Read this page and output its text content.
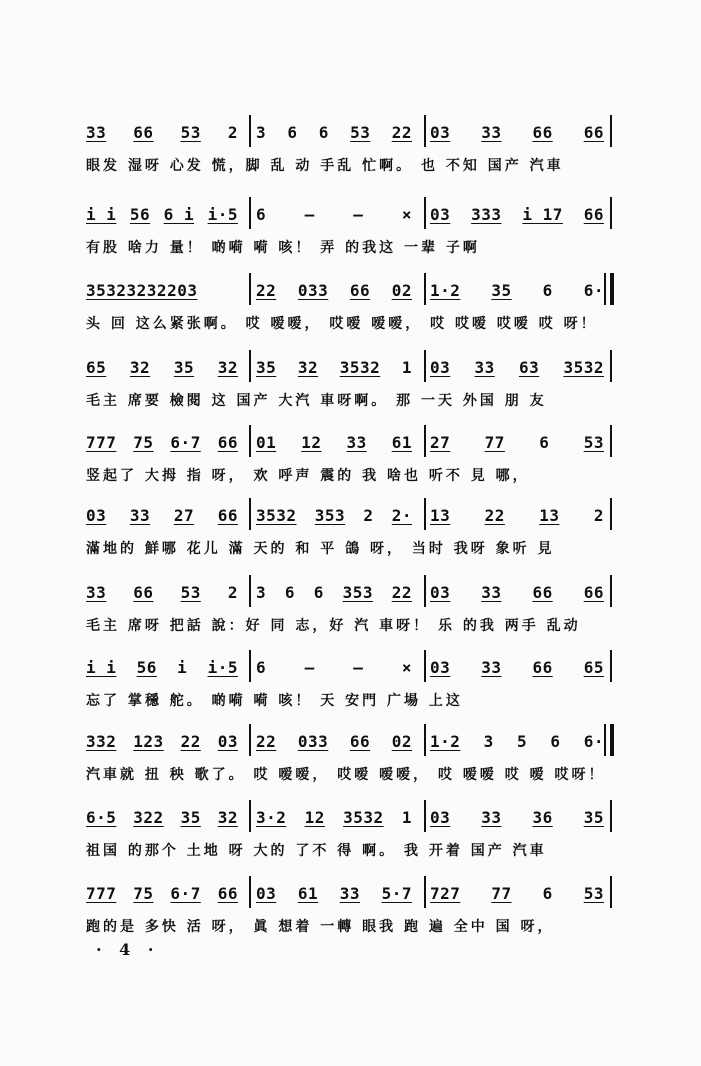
33 66 53 2 3 6 6 53 22 03 33 66 66
眼发 湿呀 心发 慌，脚 乱 动 手乱 忙啊。 也 不知 国产 汽車
i i 56 6 i i·5 6 — — × 03 333 i 17 66
有股 啥力 量！ 啲嗬 嗬 咳！ 弄 的我这 一辈 子啊
35323232203	22 033 66 02 1·2 35 6 6·
头 回 这么紧张啊。 哎 嗳嗳， 哎嗳 嗳嗳， 哎 哎嗳 哎嗳 哎 呀！
65 32 35 32 35 32 3532 1 03 33 63 3532
毛主 席要 檢閱 这 国产 大汽 車呀啊。 那 一天 外国 朋 友
777 75 6·7 66 01 12 33 61 27 77 6 53
竖起了 大拇 指 呀， 欢 呼声 震的 我 啥也 听不 見 哪，
03 33 27 66 3532 353 2 2· 13 22 13 2
滿地的 鮮哪 花儿 滿 天的 和 平 鴿 呀， 当时 我呀 象听 見
33 66 53 2 3 6 6 353 22 03 33 66 66
毛主 席呀 把話 說：好 同 志，好 汽 車呀！ 乐 的我 两手 乱动
i i 56 i i·5 6 — — × 03 33 66 65
忘了 掌穩 舵。 啲嗬 嗬 咳！ 天 安門 广場 上这
332 123 22 03 22 033 66 02 1·2 3 5 6 6·
汽車就 扭 秧 歌了。 哎 嗳嗳， 哎嗳 嗳嗳， 哎 嗳嗳 哎 嗳 哎呀！
6·5 322 35 32 3·2 12 3532 1 03 33 36 35
祖国 的那个 土地 呀 大的 了不 得 啊。 我 开着 国产 汽車
777 75 6·7 66 03 61 33 5·7 727 77 6 53
跑的是 多快 活 呀， 眞 想着 一轉 眼我 跑 遍 全中 国 呀，
· 4 ·
